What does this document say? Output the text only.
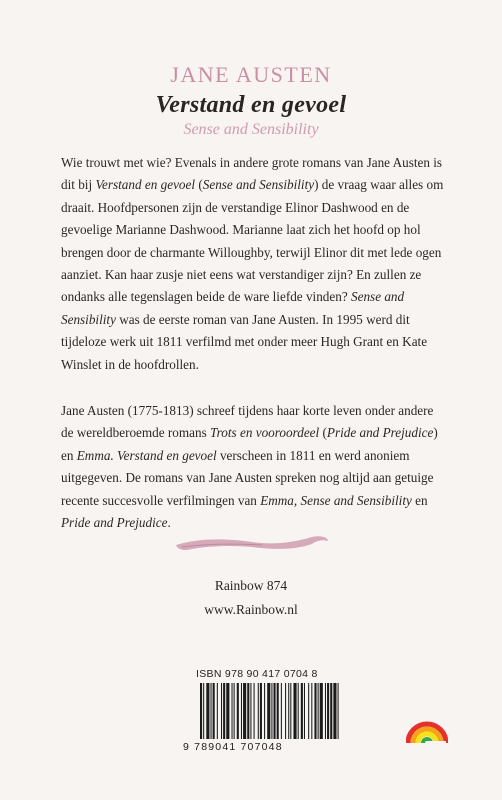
JANE AUSTEN
Verstand en gevoel
Sense and Sensibility
Wie trouwt met wie? Evenals in andere grote romans van Jane Austen is dit bij Verstand en gevoel (Sense and Sensibility) de vraag waar alles om draait. Hoofdpersonen zijn de verstandige Elinor Dashwood en de gevoelige Marianne Dashwood. Marianne laat zich het hoofd op hol brengen door de charmante Willoughby, terwijl Elinor dit met lede ogen aanziet. Kan haar zusje niet eens wat verstandiger zijn? En zullen ze ondanks alle tegenslagen beide de ware liefde vinden? Sense and Sensibility was de eerste roman van Jane Austen. In 1995 werd dit tijdeloze werk uit 1811 verfilmd met onder meer Hugh Grant en Kate Winslet in de hoofdrollen.
Jane Austen (1775-1813) schreef tijdens haar korte leven onder andere de wereldberoemde romans Trots en vooroordeel (Pride and Prejudice) en Emma. Verstand en gevoel verscheen in 1811 en werd anoniem uitgegeven. De romans van Jane Austen spreken nog altijd aan getuige recente succesvolle verfilmingen van Emma, Sense and Sensibility en Pride and Prejudice.
Rainbow 874
www.Rainbow.nl
ISBN 978 90 417 0704 8
9 789041 707048
